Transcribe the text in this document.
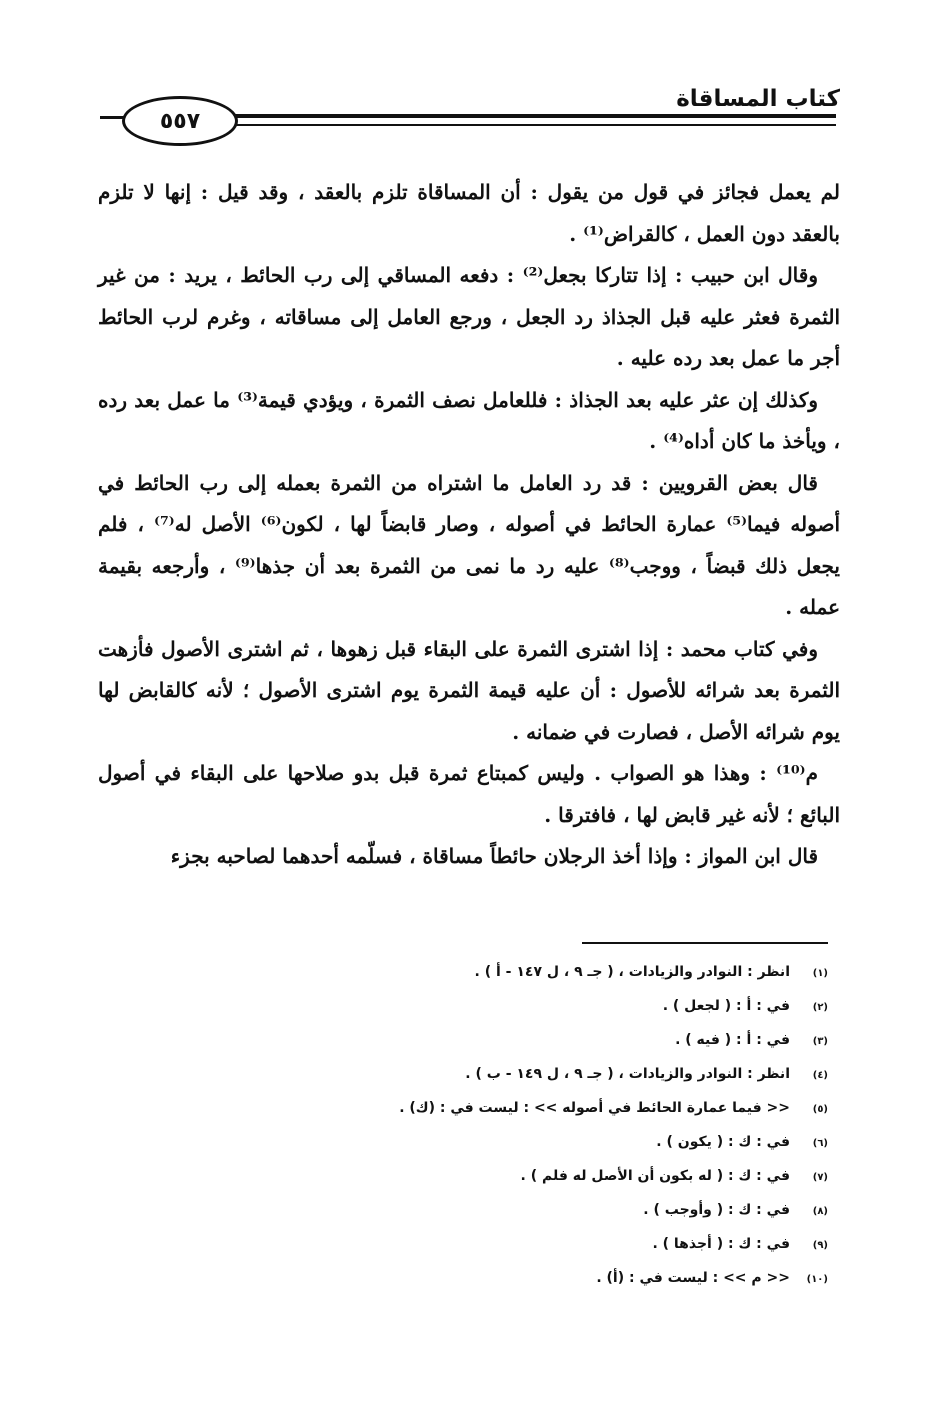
٥٥٧
كتاب المساقاة

لم يعمل فجائز في قول من يقول : أن المساقاة تلزم بالعقد ، وقد قيل : إنها لا تلزم بالعقد دون العمل ، كالقراض⁽¹⁾ .

وقال ابن حبيب : إذا تتاركا بجعل⁽²⁾ : دفعه المساقي إلى رب الحائط ، يريد : من غير الثمرة فعثر عليه قبل الجذاذ رد الجعل ، ورجع العامل إلى مساقاته ، وغرم لرب الحائط أجر ما عمل بعد رده عليه .

وكذلك إن عثر عليه بعد الجذاذ : فللعامل نصف الثمرة ، ويؤدي قيمة⁽³⁾ ما عمل بعد رده ، ويأخذ ما كان أداه⁽⁴⁾ .

قال بعض القرويين : قد رد العامل ما اشتراه من الثمرة بعمله إلى رب الحائط في أصوله فيما⁽⁵⁾ عمارة الحائط في أصوله ، وصار قابضاً لها ، لكون⁽⁶⁾ الأصل له⁽⁷⁾ ، فلم يجعل ذلك قبضاً ، ووجب⁽⁸⁾ عليه رد ما نمى من الثمرة بعد أن جذها⁽⁹⁾ ، وأرجعه بقيمة عمله .

وفي كتاب محمد : إذا اشترى الثمرة على البقاء قبل زهوها ، ثم اشترى الأصول فأزهت الثمرة بعد شرائه للأصول : أن عليه قيمة الثمرة يوم اشترى الأصول ؛ لأنه كالقابض لها يوم شرائه الأصل ، فصارت في ضمانه .

م⁽¹⁰⁾ : وهذا هو الصواب . وليس كمبتاع ثمرة قبل بدو صلاحها على البقاء في أصول البائع ؛ لأنه غير قابض لها ، فافترقا .

قال ابن المواز : وإذا أخذ الرجلان حائطاً مساقاة ، فسلّمه أحدهما لصاحبه بجزء

(١)
انظر : النوادر والزيادات ، ( جـ ٩ ، ل ١٤٧ - أ ) .
(٢)
في : أ : ( لجعل ) .
(٣)
في : أ : ( فيه ) .
(٤)
انظر : النوادر والزيادات ، ( جـ ٩ ، ل ١٤٩ - ب ) .
(٥)
<< فيما عمارة الحائط في أصوله >> : ليست في : (ك) .
(٦)
في : ك : ( يكون ) .
(٧)
في : ك : ( له بكون أن الأصل له فلم ) .
(٨)
في : ك : ( وأوجب ) .
(٩)
في : ك : ( أجذها ) .
(١٠)
<< م >> : ليست في : (أ) .
